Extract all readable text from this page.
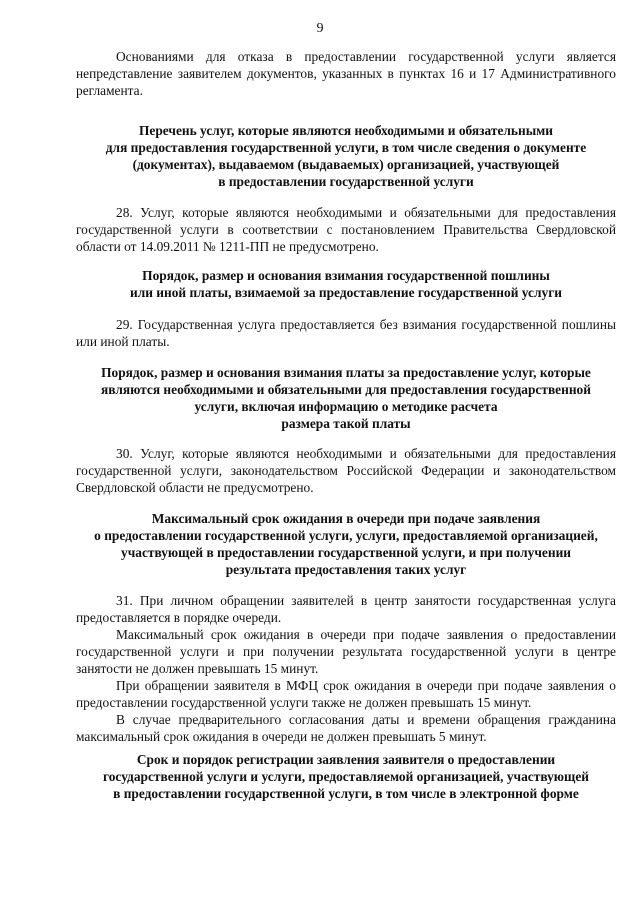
9

Основаниями для отказа в предоставлении государственной услуги является непредставление заявителем документов, указанных в пунктах 16 и 17 Административного регламента.

Перечень услуг, которые являются необходимыми и обязательными
для предоставления государственной услуги, в том числе сведения о документе
(документах), выдаваемом (выдаваемых) организацией, участвующей
в предоставлении государственной услуги

28. Услуг, которые являются необходимыми и обязательными для предоставления государственной услуги в соответствии с постановлением Правительства Свердловской области от 14.09.2011 № 1211-ПП не предусмотрено.

Порядок, размер и основания взимания государственной пошлины
или иной платы, взимаемой за предоставление государственной услуги

29. Государственная услуга предоставляется без взимания государственной пошлины или иной платы.

Порядок, размер и основания взимания платы за предоставление услуг, которые
являются необходимыми и обязательными для предоставления государственной
услуги, включая информацию о методике расчета
размера такой платы

30. Услуг, которые являются необходимыми и обязательными для предоставления государственной услуги, законодательством Российской Федерации и законодательством Свердловской области не предусмотрено.

Максимальный срок ожидания в очереди при подаче заявления
о предоставлении государственной услуги, услуги, предоставляемой организацией,
участвующей в предоставлении государственной услуги, и при получении
результата предоставления таких услуг

31. При личном обращении заявителей в центр занятости государственная услуга предоставляется в порядке очереди.

Максимальный срок ожидания в очереди при подаче заявления о предоставлении государственной услуги и при получении результата государственной услуги в центре занятости не должен превышать 15 минут.

При обращении заявителя в МФЦ срок ожидания в очереди при подаче заявления о предоставлении государственной услуги также не должен превышать 15 минут.

В случае предварительного согласования даты и времени обращения гражданина максимальный срок ожидания в очереди не должен превышать 5 минут.

Срок и порядок регистрации заявления заявителя о предоставлении
государственной услуги и услуги, предоставляемой организацией, участвующей
в предоставлении государственной услуги, в том числе в электронной форме
